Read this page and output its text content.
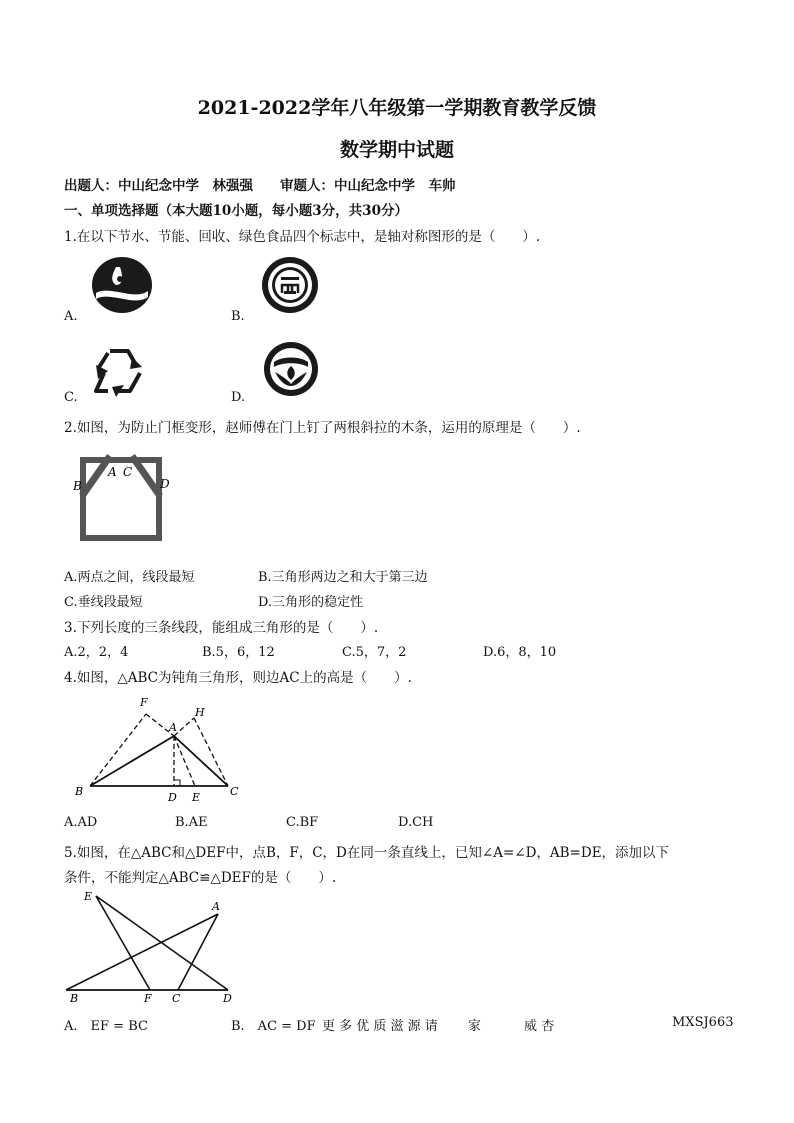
2021-2022学年八年级第一学期教育教学反馈
数学期中试题
出题人：中山纪念中学　林强强　　审题人：中山纪念中学　车帅
一、单项选择题（本大题10小题，每小题3分，共30分）
1.在以下节水、节能、回收、绿色食品四个标志中，是轴对称图形的是（　　）.
A.	B.
C.	D.
2.如图，为防止门框变形，赵师傅在门上钉了两根斜拉的木条，运用的原理是（　　）.
B
A C
D
A.两点之间，线段最短	B.三角形两边之和大于第三边
C.垂线段最短	D.三角形的稳定性
3.下列长度的三条线段，能组成三角形的是（　　）.
A.2，2，4	B.5，6，12	C.5，7，2	D.6，8，10
4.如图，△ABC为钝角三角形，则边AC上的高是（　　）.
F
A
H
B	D E	C
A.AD	B.AE	C.BF	D.CH
5.如图，在△ABC和△DEF中，点B，F，C，D在同一条直线上，已知∠A=∠D，AB=DE，添加以下
条件，不能判定△ABC≌△DEF的是（　　）.
E
A
B	F C	D
A.　EF = BC	B.　AC = DF 更 多 优 质 滋 源 请　　 家　　　 威 杏	MXSJ663
